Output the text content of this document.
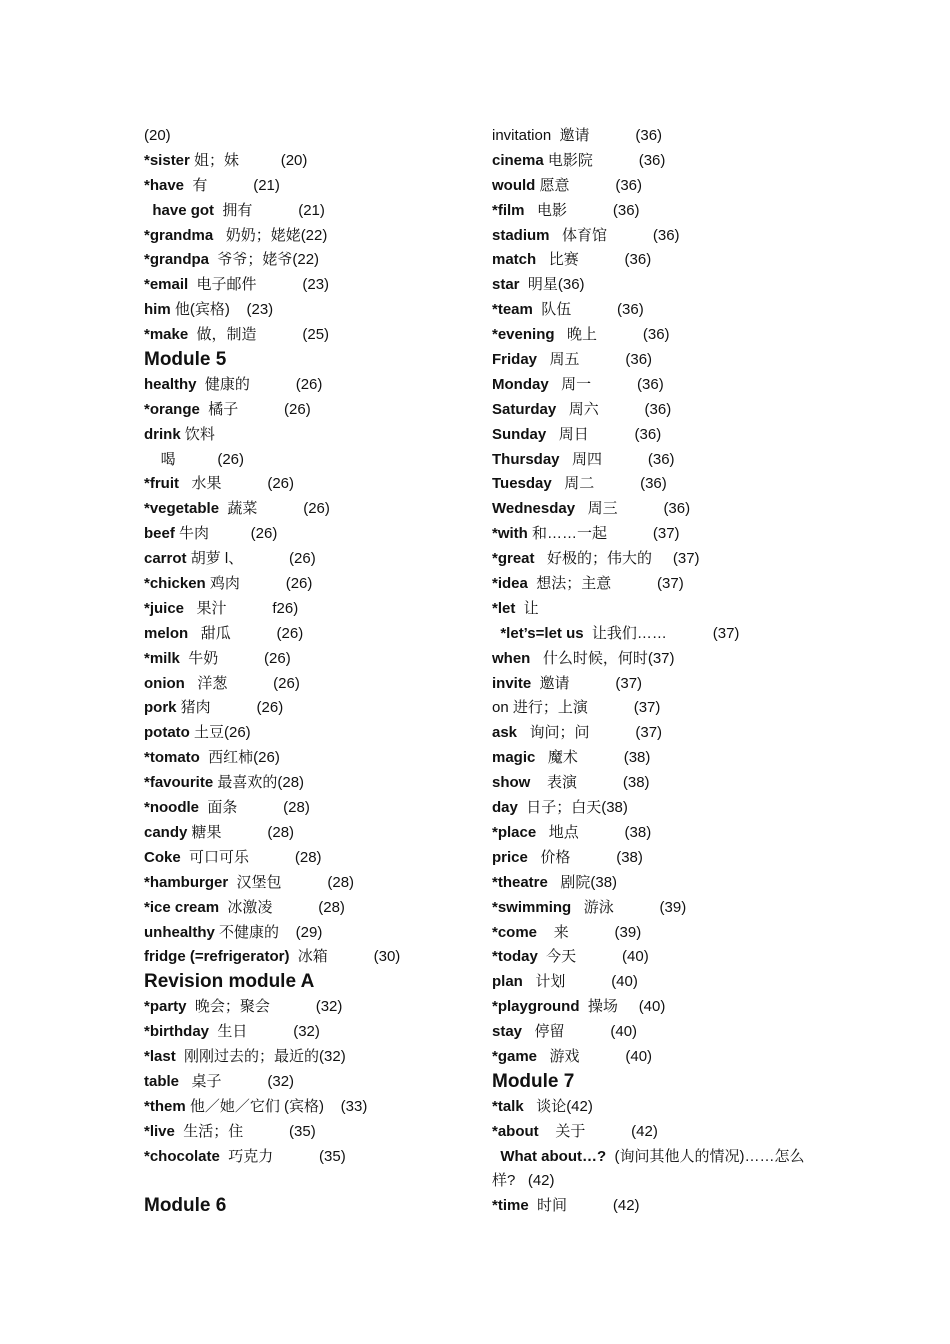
(20)
*sister 姐；妹          (20)
*have  有           (21)
have got  拥有           (21)
*grandma   奶奶；姥姥(22)
*grandpa  爷爷；姥爷(22)
*email  电子邮件           (23)
him 他(宾格)    (23)
*make  做，制造           (25)
Module 5
healthy  健康的           (26)
*orange  橘子           (26)
drink 饮料
喝          (26)
*fruit   水果           (26)
*vegetable  蔬菜           (26)
beef 牛肉          (26)
carrot 胡萝 l、           (26)
*chicken 鸡肉           (26)
*juice   果汁           f26)
melon   甜瓜           (26)
*milk  牛奶           (26)
onion   洋葱           (26)
pork 猪肉           (26)
potato 土豆(26)
*tomato  西红柿(26)
*favourite 最喜欢的(28)
*noodle  面条           (28)
candy 糖果           (28)
Coke  可口可乐           (28)
*hamburger  汉堡包           (28)
*ice cream  冰激凌           (28)
unhealthy 不健康的    (29)
fridge (=refrigerator)  冰箱           (30)
Revision module A
*party  晚会；聚会           (32)
*birthday  生日           (32)
*last  刚刚过去的；最近的(32)
table   桌子           (32)
*them 他／她／它们 (宾格)    (33)
*live  生活；住           (35)
*chocolate  巧克力           (35)
Module 6
invitation  邀请           (36)
cinema 电影院           (36)
would 愿意           (36)
*film   电影           (36)
stadium   体育馆           (36)
match   比赛           (36)
star  明星(36)
*team  队伍           (36)
*evening   晚上           (36)
Friday   周五           (36)
Monday   周一           (36)
Saturday   周六           (36)
Sunday   周日           (36)
Thursday   周四           (36)
Tuesday   周二           (36)
Wednesday   周三           (36)
*with 和……一起           (37)
*great   好极的；伟大的     (37)
*idea  想法；主意           (37)
*let  让
*let’s=let us  让我们……           (37)
when   什么时候，何时(37)
invite  邀请           (37)
on 进行；上演           (37)
ask   询问；问           (37)
magic   魔术           (38)
show    表演           (38)
day  日子；白天(38)
*place   地点           (38)
price   价格           (38)
*theatre   剧院(38)
*swimming   游泳           (39)
*come    来           (39)
*today  今天           (40)
plan   计划           (40)
*playground  操场     (40)
stay   停留           (40)
*game   游戏           (40)
Module 7
*talk   谈论(42)
*about    关于           (42)
What about…?  (询问其他人的情况)……怎么样?   (42)
*time  时间           (42)
